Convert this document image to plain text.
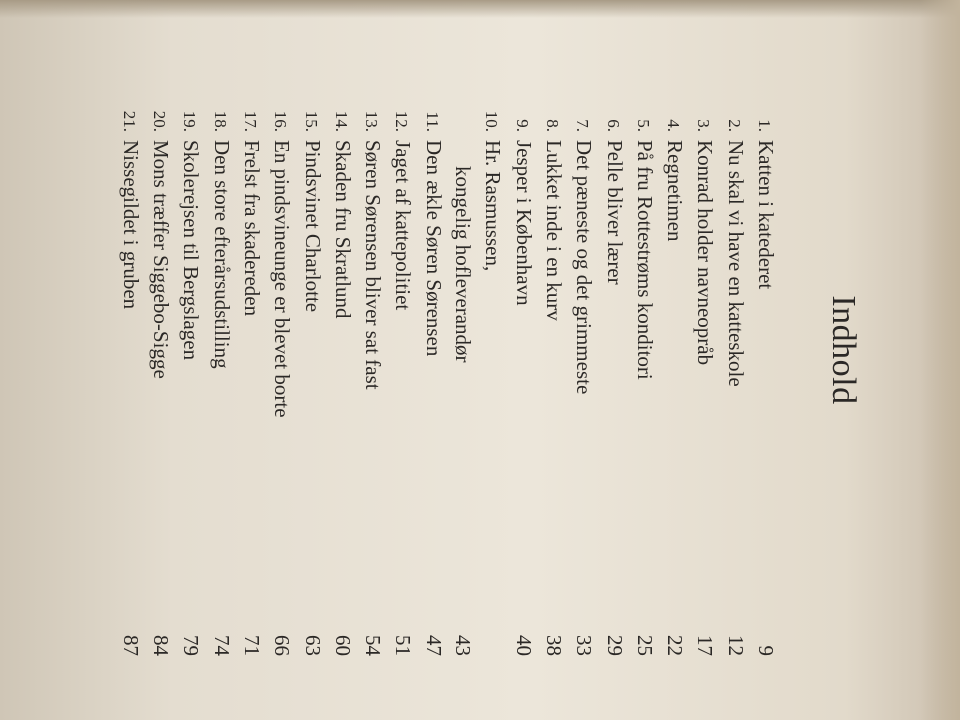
Indhold
1.
Katten i katederet
9
2.
Nu skal vi have en katteskole
12
3.
Konrad holder navneopråb
17
4.
Regnetimen
22
5.
På fru Rottestrøms konditori
25
6.
Pelle bliver lærer
29
7.
Det pæneste og det grimmeste
33
8.
Lukket inde i en kurv
38
9.
Jesper i København
40
10.
Hr. Rasmussen,
kongelig hofleverandør
43
11.
Den ækle Søren Sørensen
47
12.
Jaget af kattepolitiet
51
13.
Søren Sørensen bliver sat fast
54
14.
Skaden fru Skratlund
60
15.
Pindsvinet Charlotte
63
16.
En pindsvineunge er blevet borte
66
17.
Frelst fra skadereden
71
18.
Den store efterårsudstilling
74
19.
Skolerejsen til Bergslagen
79
20.
Mons træffer Siggebo-Sigge
84
21.
Nissegildet i gruben
87
